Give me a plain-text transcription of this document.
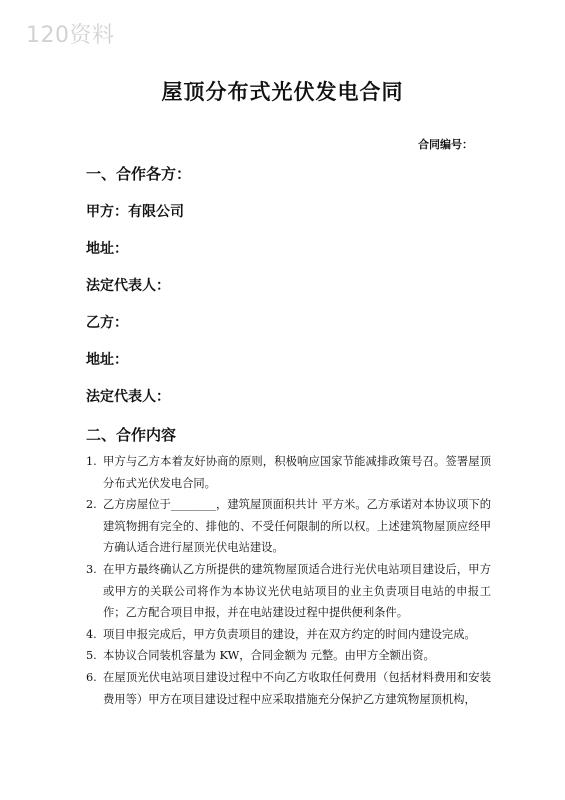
120资料
屋顶分布式光伏发电合同
合同编号：
一、合作各方：
甲方：有限公司
地址：
法定代表人：
乙方：
地址：
法定代表人：
二、合作内容
1. 甲方与乙方本着友好协商的原则，积极响应国家节能减排政策号召。签署屋顶分布式光伏发电合同。
2. 乙方房屋位于________，建筑屋顶面积共计 平方米。乙方承诺对本协议项下的建筑物拥有完全的、排他的、不受任何限制的所以权。上述建筑物屋顶应经甲方确认适合进行屋顶光伏电站建设。
3. 在甲方最终确认乙方所提供的建筑物屋顶适合进行光伏电站项目建设后，甲方或甲方的关联公司将作为本协议光伏电站项目的业主负责项目电站的申报工作；乙方配合项目申报，并在电站建设过程中提供便利条件。
4. 项目申报完成后，甲方负责项目的建设，并在双方约定的时间内建设完成。
5. 本协议合同装机容量为 KW，合同金额为 元整。由甲方全额出资。
6. 在屋顶光伏电站项目建设过程中不向乙方收取任何费用（包括材料费用和安装费用等）甲方在项目建设过程中应采取措施充分保护乙方建筑物屋顶机构，
